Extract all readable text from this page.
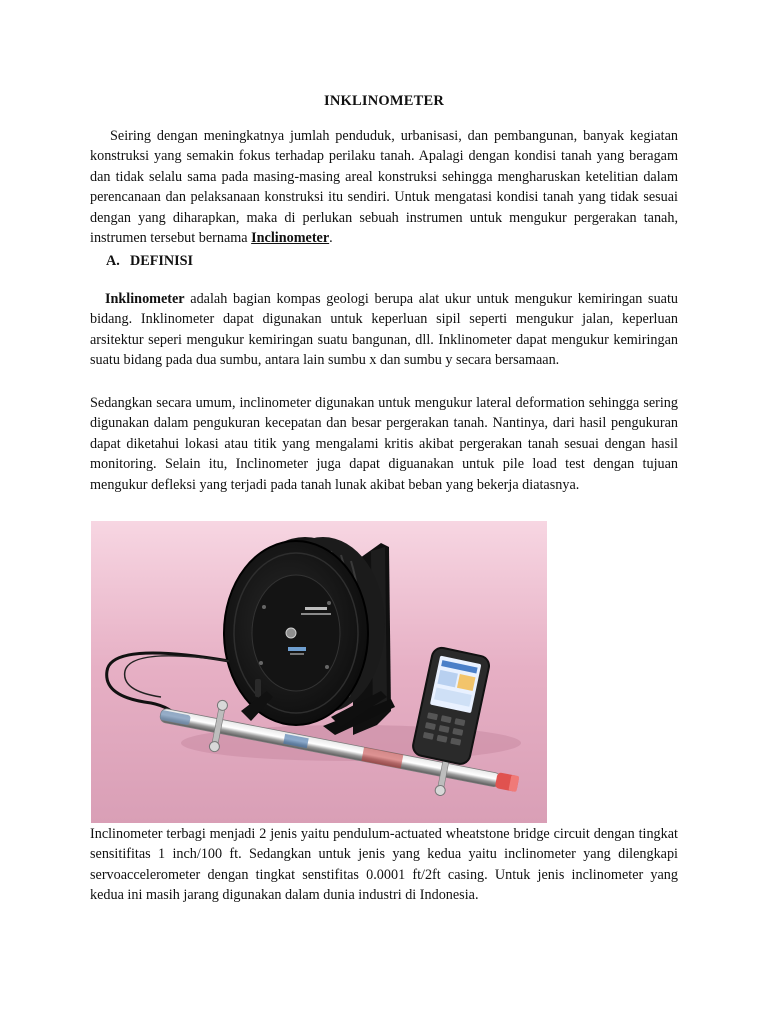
INKLINOMETER

Seiring dengan meningkatnya jumlah penduduk, urbanisasi, dan pembangunan, banyak kegiatan konstruksi yang semakin fokus terhadap perilaku tanah. Apalagi dengan kondisi tanah yang beragam dan tidak selalu sama pada masing-masing areal konstruksi sehingga mengharuskan ketelitian dalam perencanaan dan pelaksanaan konstruksi itu sendiri. Untuk mengatasi kondisi tanah yang tidak sesuai dengan yang diharapkan, maka di perlukan sebuah instrumen untuk mengukur pergerakan tanah, instrumen tersebut bernama Inclinometer.

A. DEFINISI

Inklinometer adalah bagian kompas geologi berupa alat ukur untuk mengukur kemiringan suatu bidang. Inklinometer dapat digunakan untuk keperluan sipil seperti mengukur jalan, keperluan arsitektur seperi mengukur kemiringan suatu bangunan, dll. Inklinometer dapat mengukur kemiringan suatu bidang pada dua sumbu, antara lain sumbu x dan sumbu y secara bersamaan.

Sedangkan secara umum, inclinometer digunakan untuk mengukur lateral deformation sehingga sering digunakan dalam pengukuran kecepatan dan besar pergerakan tanah. Nantinya, dari hasil pengukuran dapat diketahui lokasi atau titik yang mengalami kritis akibat pergerakan tanah sesuai dengan hasil monitoring. Selain itu, Inclinometer juga dapat diguanakan untuk pile load test dengan tujuan mengukur defleksi yang terjadi pada tanah lunak akibat beban yang bekerja diatasnya.

Inclinometer terbagi menjadi 2 jenis yaitu pendulum-actuated wheatstone bridge circuit dengan tingkat sensitifitas 1 inch/100 ft. Sedangkan untuk jenis yang kedua yaitu inclinometer yang dilengkapi servoaccelerometer dengan tingkat senstifitas 0.0001 ft/2ft casing. Untuk jenis inclinometer yang kedua ini masih jarang digunakan dalam dunia industri di Indonesia.
